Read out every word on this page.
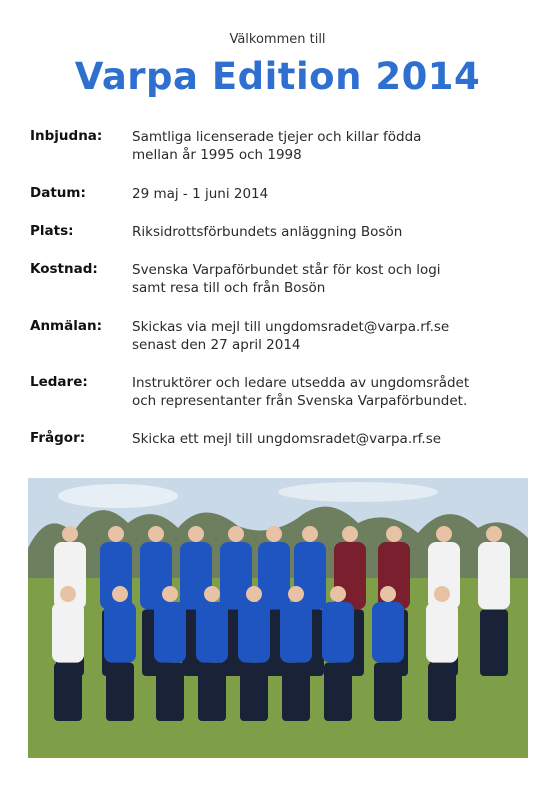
Välkommen till
Varpa Edition 2014
Inbjudna:	Samtliga licenserade tjejer och killar födda
mellan år 1995 och 1998
Datum:	29 maj - 1 juni 2014
Plats:	Riksidrottsförbundets anläggning Bosön
Kostnad:	Svenska Varpaförbundet står för kost och logi
samt resa till och från Bosön
Anmälan:	Skickas via mejl till ungdomsradet@varpa.rf.se
senast den 27 april 2014
Ledare:	Instruktörer och ledare utsedda av ungdomsrådet
och representanter från Svenska Varpaförbundet.
Frågor:	Skicka ett mejl till ungdomsradet@varpa.rf.se
